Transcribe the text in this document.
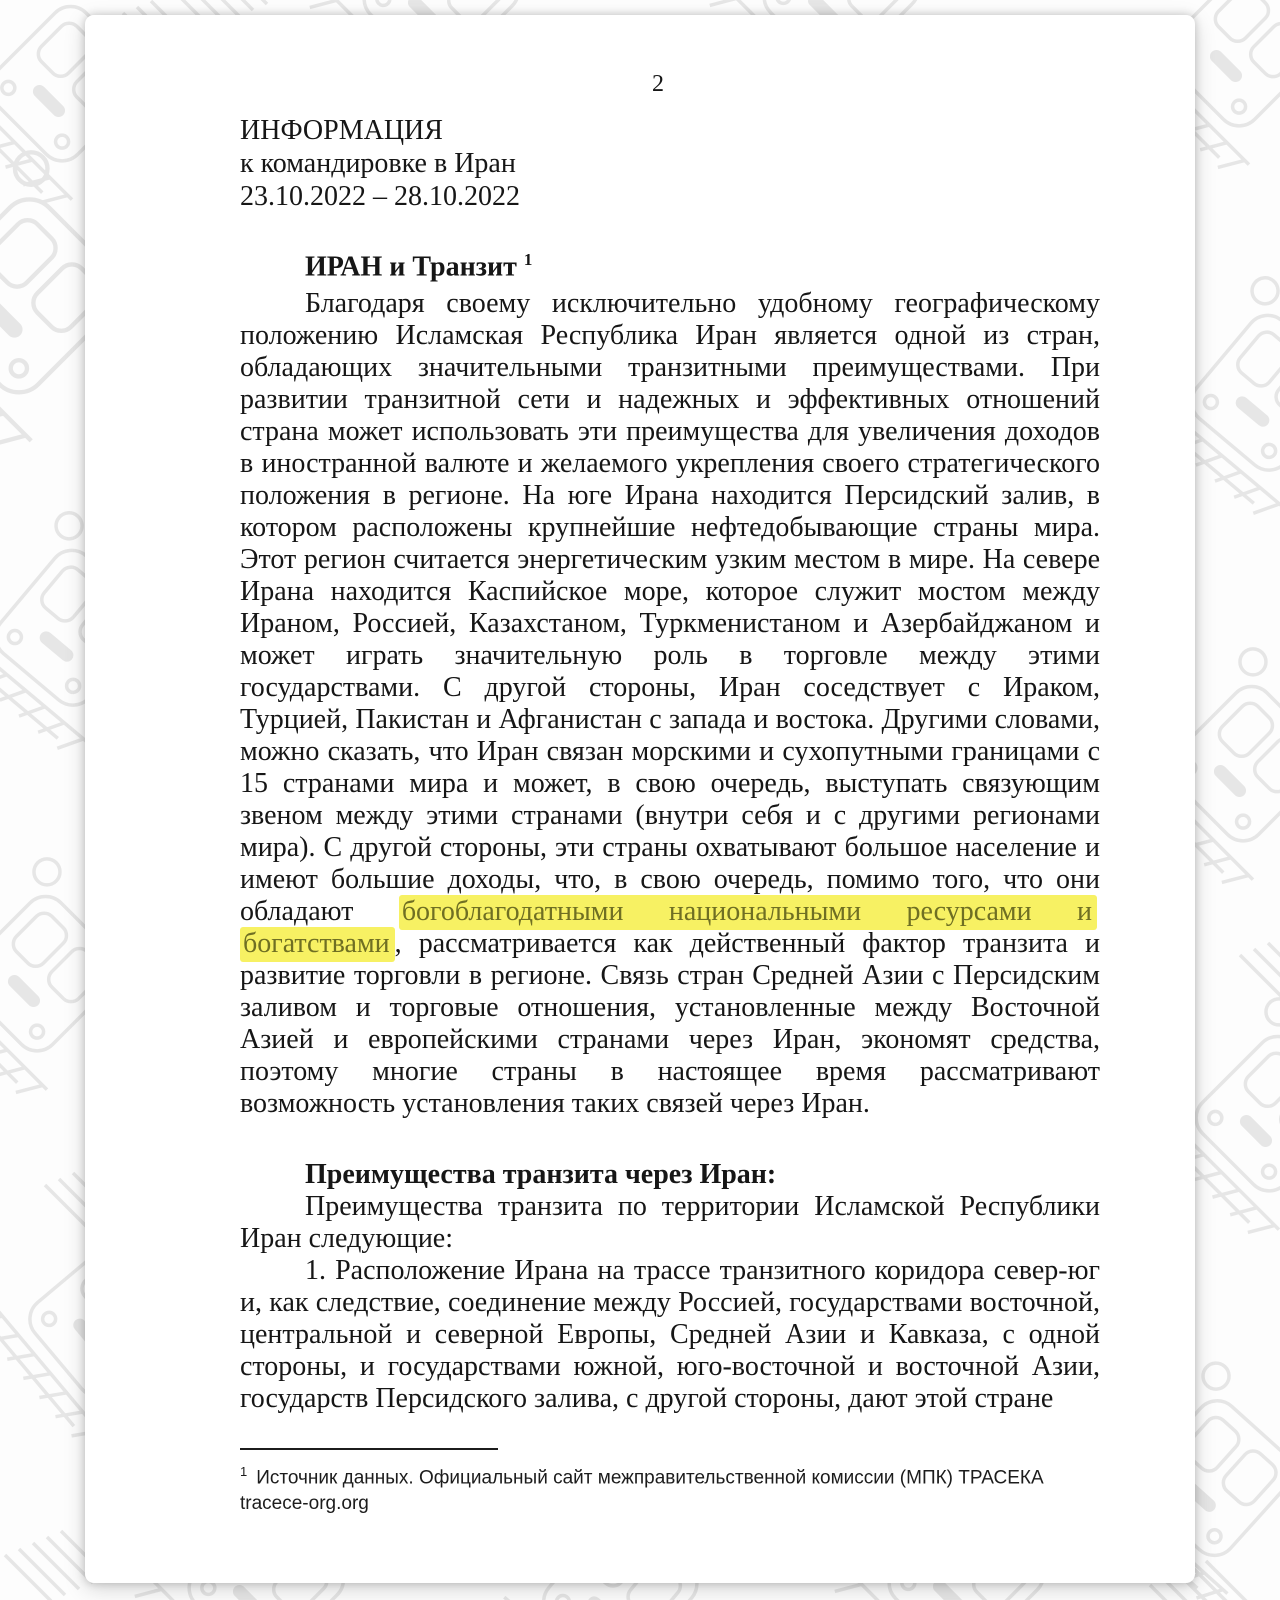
2
ИНФОРМАЦИЯ
к командировке в Иран
23.10.2022 – 28.10.2022
ИРАН и Транзит $^1$

Благодаря своему исключительно удобному географическому положению Исламская Республика Иран является одной из стран, обладающих значительными транзитными преимуществами. При развитии транзитной сети и надежных и эффективных отношений страна может использовать эти преимущества для увеличения доходов в иностранной валюте и желаемого укрепления своего стратегического положения в регионе. На юге Ирана находится Персидский залив, в котором расположены крупнейшие нефтедобывающие страны мира. Этот регион считается энергетическим узким местом в мире. На севере Ирана находится Каспийское море, которое служит мостом между Ираном, Россией, Казахстаном, Туркменистаном и Азербайджаном и может играть значительную роль в торговле между этими государствами. С другой стороны, Иран соседствует с Ираком, Турцией, Пакистан и Афганистан с запада и востока. Другими словами, можно сказать, что Иран связан морскими и сухопутными границами с 15 странами мира и может, в свою очередь, выступать связующим звеном между этими странами (внутри себя и с другими регионами мира). С другой стороны, эти страны охватывают большое население и имеют большие доходы, что, в свою очередь, помимо того, что они обладают богоблагодатными национальными ресурсами и богатствами , рассматривается как действенный фактор транзита и развитие торговли в регионе. Связь стран Средней Азии с Персидским заливом и торговые отношения, установленные между Восточной Азией и европейскими странами через Иран, экономят средства, поэтому многие страны в настоящее время рассматривают возможность установления таких связей через Иран.

Преимущества транзита через Иран:

Преимущества транзита по территории Исламской Республики Иран следующие:

1. Расположение Ирана на трассе транзитного коридора север-юг и, как следствие, соединение между Россией, государствами восточной, центральной и северной Европы, Средней Азии и Кавказа, с одной стороны, и государствами южной, юго-восточной и восточной Азии, государств Персидского залива, с другой стороны, дают этой стране

$^1$ Источник данных. Официальный сайт межправительственной комиссии (МПК) ТРАСЕКА tracece-org.org
